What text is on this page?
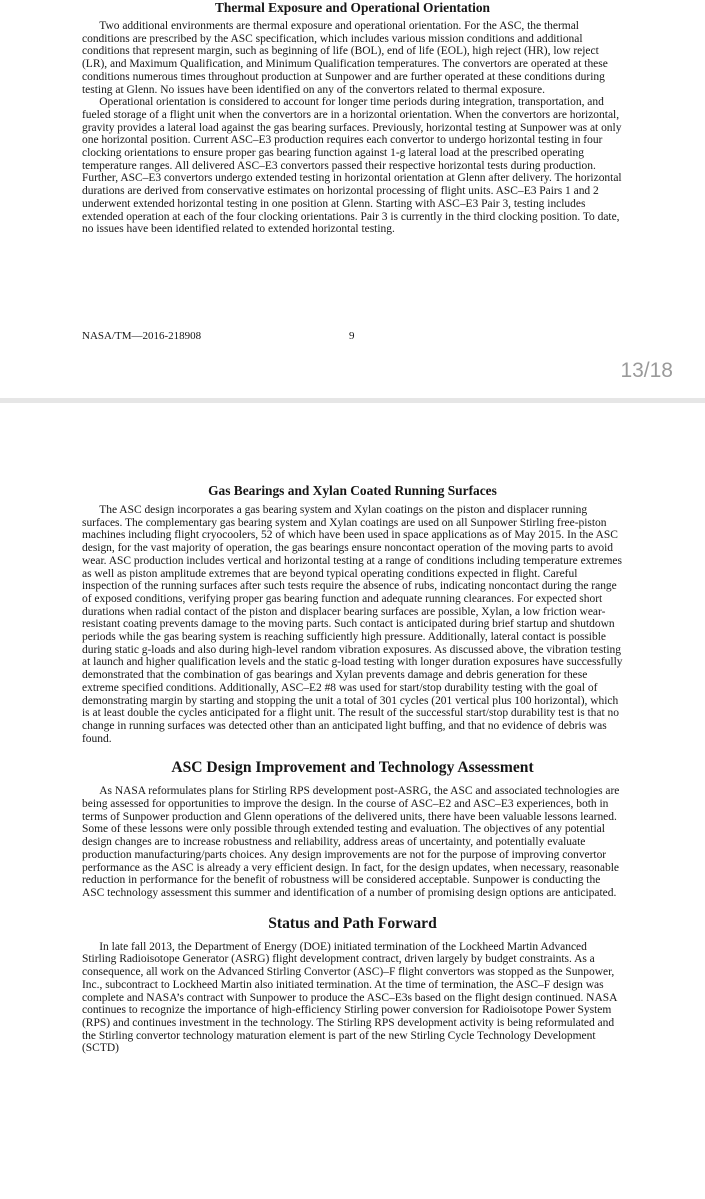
Thermal Exposure and Operational Orientation

Two additional environments are thermal exposure and operational orientation. For the ASC, the thermal conditions are prescribed by the ASC specification, which includes various mission conditions and additional conditions that represent margin, such as beginning of life (BOL), end of life (EOL), high reject (HR), low reject (LR), and Maximum Qualification, and Minimum Qualification temperatures. The convertors are operated at these conditions numerous times throughout production at Sunpower and are further operated at these conditions during testing at Glenn. No issues have been identified on any of the convertors related to thermal exposure.

Operational orientation is considered to account for longer time periods during integration, transportation, and fueled storage of a flight unit when the convertors are in a horizontal orientation. When the convertors are horizontal, gravity provides a lateral load against the gas bearing surfaces. Previously, horizontal testing at Sunpower was at only one horizontal position. Current ASC–E3 production requires each convertor to undergo horizontal testing in four clocking orientations to ensure proper gas bearing function against 1-g lateral load at the prescribed operating temperature ranges. All delivered ASC–E3 convertors passed their respective horizontal tests during production. Further, ASC–E3 convertors undergo extended testing in horizontal orientation at Glenn after delivery. The horizontal durations are derived from conservative estimates on horizontal processing of flight units. ASC–E3 Pairs 1 and 2 underwent extended horizontal testing in one position at Glenn. Starting with ASC–E3 Pair 3, testing includes extended operation at each of the four clocking orientations. Pair 3 is currently in the third clocking position. To date, no issues have been identified related to extended horizontal testing.

NASA/TM—2016-218908	9
13/18
Gas Bearings and Xylan Coated Running Surfaces

The ASC design incorporates a gas bearing system and Xylan coatings on the piston and displacer running surfaces. The complementary gas bearing system and Xylan coatings are used on all Sunpower Stirling free-piston machines including flight cryocoolers, 52 of which have been used in space applications as of May 2015. In the ASC design, for the vast majority of operation, the gas bearings ensure noncontact operation of the moving parts to avoid wear. ASC production includes vertical and horizontal testing at a range of conditions including temperature extremes as well as piston amplitude extremes that are beyond typical operating conditions expected in flight. Careful inspection of the running surfaces after such tests require the absence of rubs, indicating noncontact during the range of exposed conditions, verifying proper gas bearing function and adequate running clearances. For expected short durations when radial contact of the piston and displacer bearing surfaces are possible, Xylan, a low friction wear-resistant coating prevents damage to the moving parts. Such contact is anticipated during brief startup and shutdown periods while the gas bearing system is reaching sufficiently high pressure. Additionally, lateral contact is possible during static g-loads and also during high-level random vibration exposures. As discussed above, the vibration testing at launch and higher qualification levels and the static g-load testing with longer duration exposures have successfully demonstrated that the combination of gas bearings and Xylan prevents damage and debris generation for these extreme specified conditions. Additionally, ASC–E2 #8 was used for start/stop durability testing with the goal of demonstrating margin by starting and stopping the unit a total of 301 cycles (201 vertical plus 100 horizontal), which is at least double the cycles anticipated for a flight unit. The result of the successful start/stop durability test is that no change in running surfaces was detected other than an anticipated light buffing, and that no evidence of debris was found.

ASC Design Improvement and Technology Assessment

As NASA reformulates plans for Stirling RPS development post-ASRG, the ASC and associated technologies are being assessed for opportunities to improve the design. In the course of ASC–E2 and ASC–E3 experiences, both in terms of Sunpower production and Glenn operations of the delivered units, there have been valuable lessons learned. Some of these lessons were only possible through extended testing and evaluation. The objectives of any potential design changes are to increase robustness and reliability, address areas of uncertainty, and potentially evaluate production manufacturing/parts choices. Any design improvements are not for the purpose of improving convertor performance as the ASC is already a very efficient design. In fact, for the design updates, when necessary, reasonable reduction in performance for the benefit of robustness will be considered acceptable. Sunpower is conducting the ASC technology assessment this summer and identification of a number of promising design options are anticipated.

Status and Path Forward

In late fall 2013, the Department of Energy (DOE) initiated termination of the Lockheed Martin Advanced Stirling Radioisotope Generator (ASRG) flight development contract, driven largely by budget constraints. As a consequence, all work on the Advanced Stirling Convertor (ASC)–F flight convertors was stopped as the Sunpower, Inc., subcontract to Lockheed Martin also initiated termination. At the time of termination, the ASC–F design was complete and NASA’s contract with Sunpower to produce the ASC–E3s based on the flight design continued. NASA continues to recognize the importance of high-efficiency Stirling power conversion for Radioisotope Power System (RPS) and continues investment in the technology. The Stirling RPS development activity is being reformulated and the Stirling convertor technology maturation element is part of the new Stirling Cycle Technology Development (SCTD)
